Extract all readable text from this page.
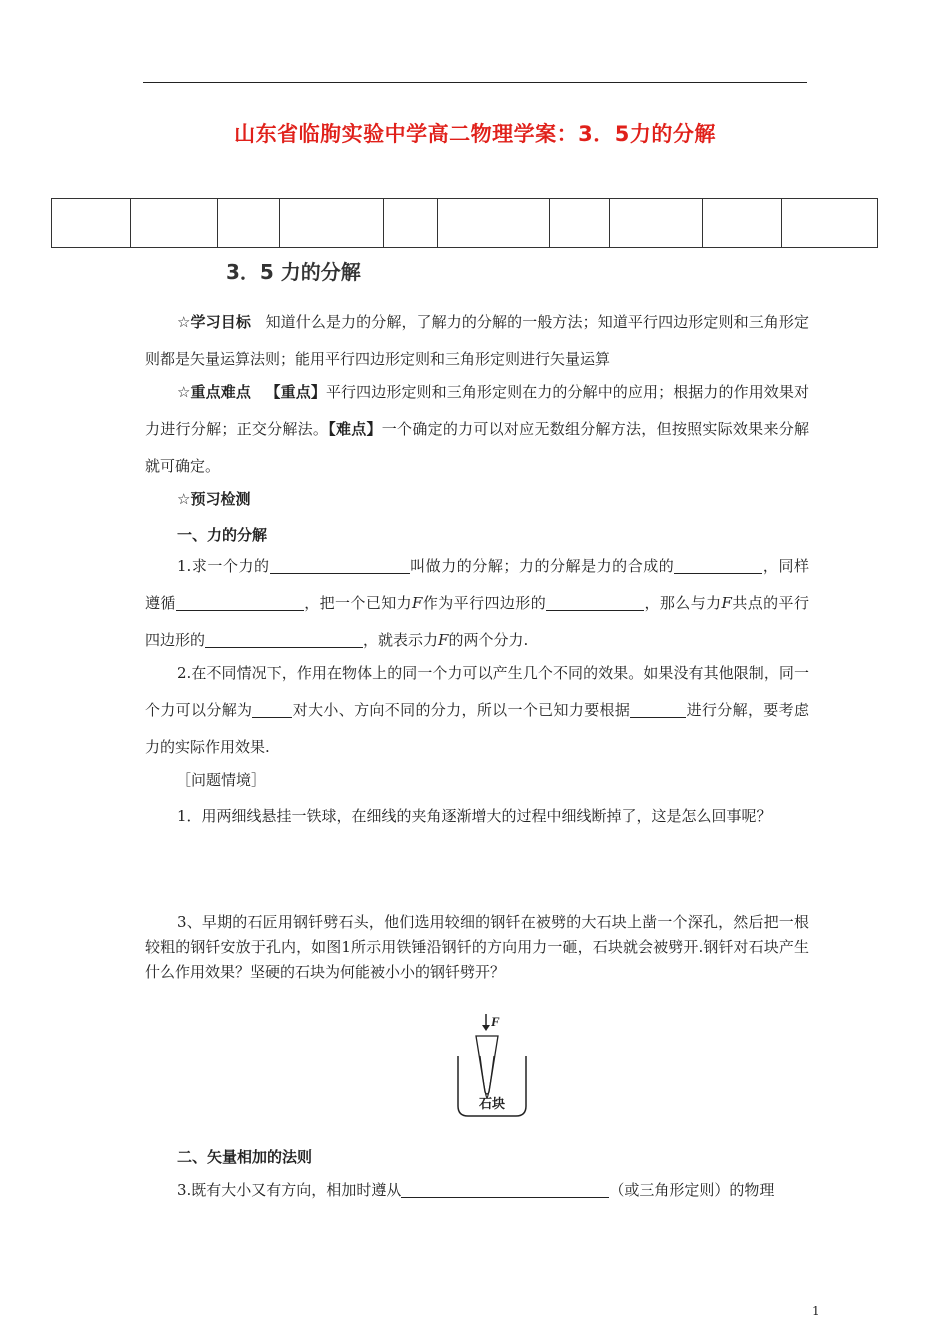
山东省临朐实验中学高二物理学案：3．5力的分解

3．5 力的分解
☆学习目标 知道什么是力的分解，了解力的分解的一般方法；知道平行四边形定则和三角形定则都是矢量运算法则；能用平行四边形定则和三角形定则进行矢量运算
☆重点难点 【重点】平行四边形定则和三角形定则在力的分解中的应用；根据力的作用效果对力进行分解；正交分解法。【难点】一个确定的力可以对应无数组分解方法，但按照实际效果来分解就可确定。
☆预习检测
一、力的分解
1.求一个力的	叫做力的分解；力的分解是力的合成的	，同样遵循	，把一个已知力F作为平行四边形的	，那么与力F共点的平行四边形的	，就表示力F的两个分力.
2.在不同情况下，作用在物体上的同一个力可以产生几个不同的效果。如果没有其他限制，同一个力可以分解为	对大小、方向不同的分力，所以一个已知力要根据	进行分解，要考虑力的实际作用效果.
［问题情境］
1．用两细线悬挂一铁球，在细线的夹角逐渐增大的过程中细线断掉了，这是怎么回事呢？
3、早期的石匠用钢钎劈石头，他们选用较细的钢钎在被劈的大石块上凿一个深孔，然后把一根较粗的钢钎安放于孔内，如图1所示用铁锤沿钢钎的方向用力一砸，石块就会被劈开.钢钎对石块产生什么作用效果？坚硬的石块为何能被小小的钢钎劈开？
F
石块
二、矢量相加的法则
3.既有大小又有方向，相加时遵从	（或三角形定则）的物理
1
